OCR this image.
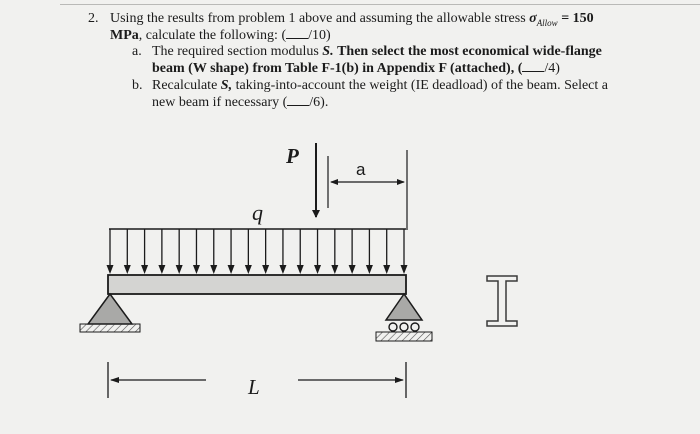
2. Using the results from problem 1 above and assuming the allowable stress $\sigma_{Allow} = 150$
MPa, calculate the following: ( /10)
a. The required section modulus S. Then select the most economical wide-flange
beam (W shape) from Table F-1(b) in Appendix F (attached), ( /4)
b. Recalculate S, taking-into-account the weight (IE deadload) of the beam. Select a
new beam if necessary ( /6).
P
a
q
L
